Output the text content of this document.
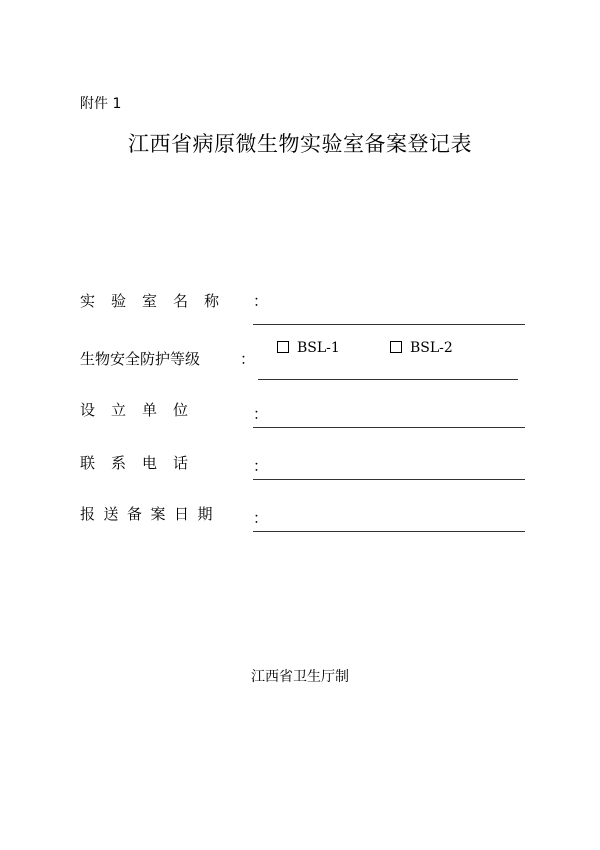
附件 1
江西省病原微生物实验室备案登记表
实验室名称 ：
生物安全防护等级	：
BSL-1	BSL-2
设立单位	：
联系电话	：
报送备案日期 ：
江西省卫生厅制
